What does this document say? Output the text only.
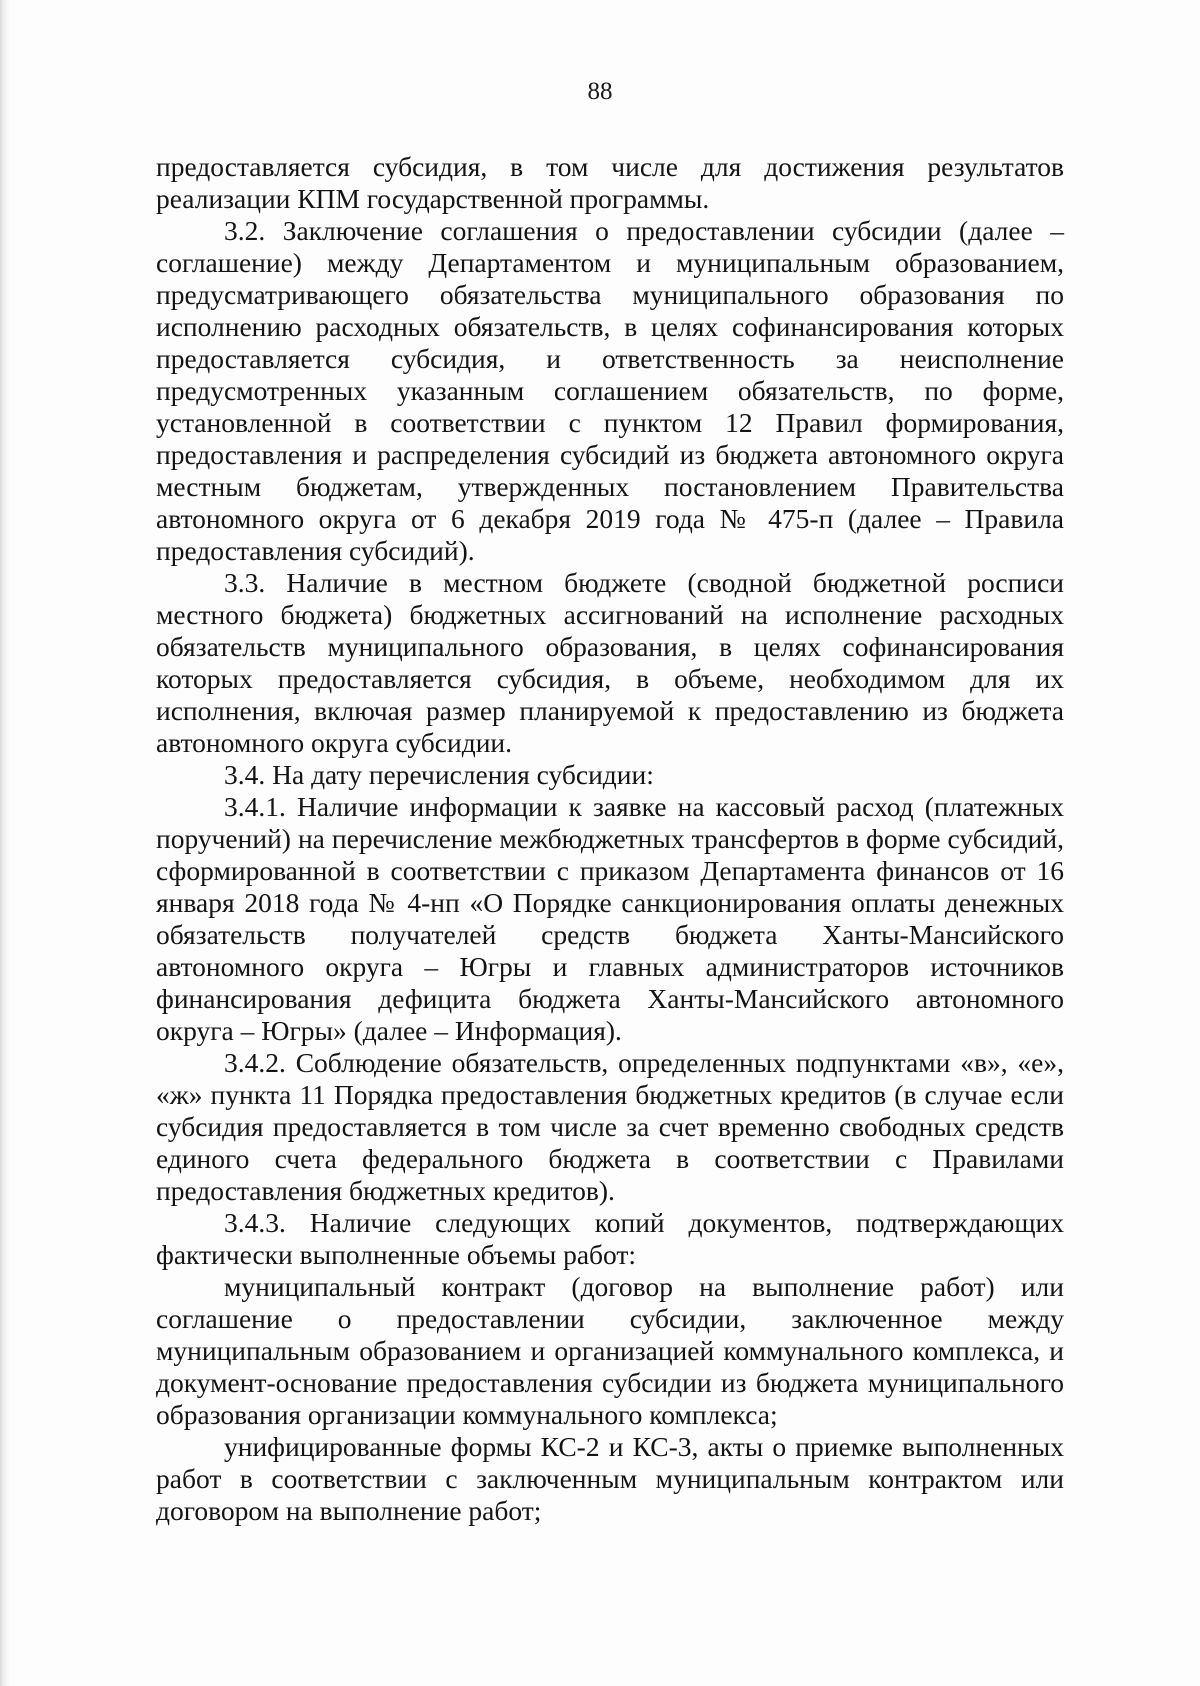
88

предоставляется субсидия, в том числе для достижения результатов реализации КПМ государственной программы.

3.2. Заключение соглашения о предоставлении субсидии (далее – соглашение) между Департаментом и муниципальным образованием, предусматривающего обязательства муниципального образования по исполнению расходных обязательств, в целях софинансирования которых предоставляется субсидия, и ответственность за неисполнение предусмотренных указанным соглашением обязательств, по форме, установленной в соответствии с пунктом 12 Правил формирования, предоставления и распределения субсидий из бюджета автономного округа местным бюджетам, утвержденных постановлением Правительства автономного округа от 6 декабря 2019 года № 475-п (далее – Правила предоставления субсидий).

3.3. Наличие в местном бюджете (сводной бюджетной росписи местного бюджета) бюджетных ассигнований на исполнение расходных обязательств муниципального образования, в целях софинансирования которых предоставляется субсидия, в объеме, необходимом для их исполнения, включая размер планируемой к предоставлению из бюджета автономного округа субсидии.

3.4. На дату перечисления субсидии:

3.4.1. Наличие информации к заявке на кассовый расход (платежных поручений) на перечисление межбюджетных трансфертов в форме субсидий, сформированной в соответствии с приказом Департамента финансов от 16 января 2018 года № 4-нп «О Порядке санкционирования оплаты денежных обязательств получателей средств бюджета Ханты-Мансийского автономного округа – Югры и главных администраторов источников финансирования дефицита бюджета Ханты-Мансийского автономного округа – Югры» (далее – Информация).

3.4.2. Соблюдение обязательств, определенных подпунктами «в», «е», «ж» пункта 11 Порядка предоставления бюджетных кредитов (в случае если субсидия предоставляется в том числе за счет временно свободных средств единого счета федерального бюджета в соответствии с Правилами предоставления бюджетных кредитов).

3.4.3. Наличие следующих копий документов, подтверждающих фактически выполненные объемы работ:

муниципальный контракт (договор на выполнение работ) или соглашение о предоставлении субсидии, заключенное между муниципальным образованием и организацией коммунального комплекса, и документ-основание предоставления субсидии из бюджета муниципального образования организации коммунального комплекса;

унифицированные формы КС-2 и КС-3, акты о приемке выполненных работ в соответствии с заключенным муниципальным контрактом или договором на выполнение работ;
